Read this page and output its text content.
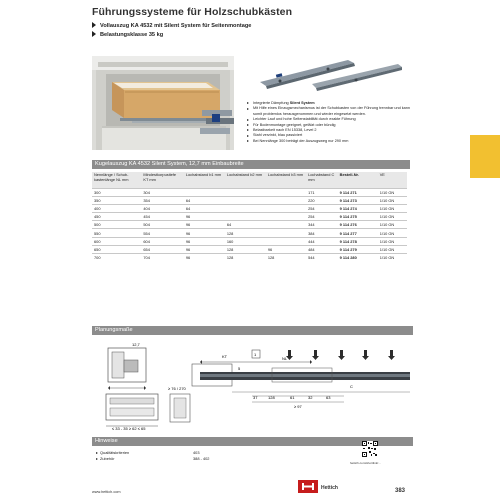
Führungssysteme für Holzschubkästen
Vollauszug KA 4532 mit Silent System für Seitenmontage
Belastungsklasse 35 kg
Integrierte Dämpfung Silent System
Mit Hilfe eines Einzugsmechanismus ist der Schubkasten von der Führung trennbar und kann somit problemlos herausgenommen und wieder eingesetzt werden.
Leichter Lauf und hohe Seitenstabilität durch exakte Führung
Für Bodenmontage geeignet, gefälzt oder bündig
Belastbarkeit nach EN 15338, Level 2
Stahl verzinkt, blau passiviert
Bei Nennlänge 300 beträgt der Auszugsweg nur 290 mm
Kugelauszug KA 4532 Silent System, 12,7 mm Einbaubreite
Nennlänge / Schub-kastenlänge NL mm	Mindestkorpustiefe KT mm	Lochabstand b1 mm	Lochabstand b2 mm	Lochabstand b3 mm	Lochabstand C mm	Bestell-Nr.	VE
300	304				171	9 114 271	1/10 GN
350	354	64			220	9 114 273	1/10 GN
400	404	64			254	9 114 274	1/10 GN
450	454	96			254	9 114 275	1/10 GN
500	504	96	64		344	9 114 276	1/10 GN
550	554	96	128		384	9 114 277	1/10 GN
600	604	96	160		444	9 114 278	1/10 GN
650	654	96	128	96	484	9 114 279	1/10 GN
700	704	96	128	128	544	9 114 280	1/10 GN
Planungsmaße
≤ 33 - 35 ≥ 62 ≤ 65
12,7
≥ 76 / 270
1
NL
KT
5
37	128	61	32	63
≥ 97
C
Hinweise
Qualitätskriterien	403
Zubehör	388 - 402
hettich.com/shortlink/...
www.hettich.com
Hettich	383
